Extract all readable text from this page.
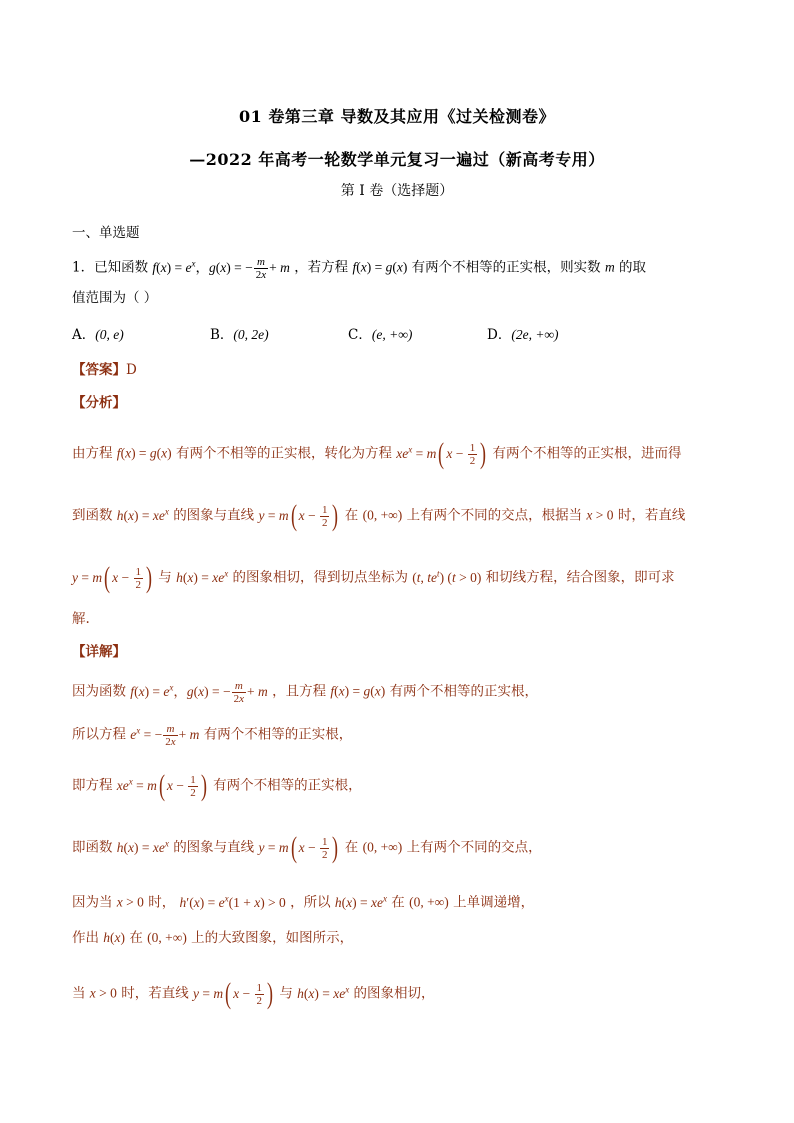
01 卷第三章 导数及其应用《过关检测卷》
—2022 年高考一轮数学单元复习一遍过（新高考专用）
第 I 卷（选择题）
一、单选题
1．已知函数 $f(x) = e^x$，g(x) = − $\frac{m}{2x} + m$ ，若方程 f(x) = g(x) 有两个不相等的正实根，则实数 m 的取
值范围为（ ）
A．(0, e)	B．(0, 2e)	C．(e, +∞)	D．(2e, +∞)
【答案】D
【分析】
由方程 f(x) = g(x) 有两个不相等的正实根，转化为方程 $xe^x = m$( $x - \frac{1}{2}$ ) 有两个不相等的正实根，进而得
到函数 $h(x) = xe^x$ 的图象与直线 y = m( $x - \frac{1}{2}$ ) 在 (0, +∞) 上有两个不同的交点，根据当 x > 0 时，若直线
y = m( $x - \frac{1}{2}$ ) 与 $h(x) = xe^x$ 的图象相切，得到切点坐标为 (t, $te^t$) (t > 0) 和切线方程，结合图象，即可求
解.
【详解】
因为函数 $f(x) = e^x$，g(x) = − $\frac{m}{2x} + m$ ，且方程 f(x) = g(x) 有两个不相等的正实根，
所以方程 $e^x$ = − $\frac{m}{2x} + m$ 有两个不相等的正实根，
即方程 $xe^x = m$( $x - \frac{1}{2}$ ) 有两个不相等的正实根，
即函数 $h(x) = xe^x$ 的图象与直线 y = m( $x - \frac{1}{2}$ ) 在 (0, +∞) 上有两个不同的交点，
因为当 x > 0 时， $h'(x) = e^x(1 + x) > 0$ ，所以 $h(x) = xe^x$ 在 (0, +∞) 上单调递增，
作出 h(x) 在 (0, +∞) 上的大致图象，如图所示，
当 x > 0 时，若直线 y = m( $x - \frac{1}{2}$ ) 与 $h(x) = xe^x$ 的图象相切，
